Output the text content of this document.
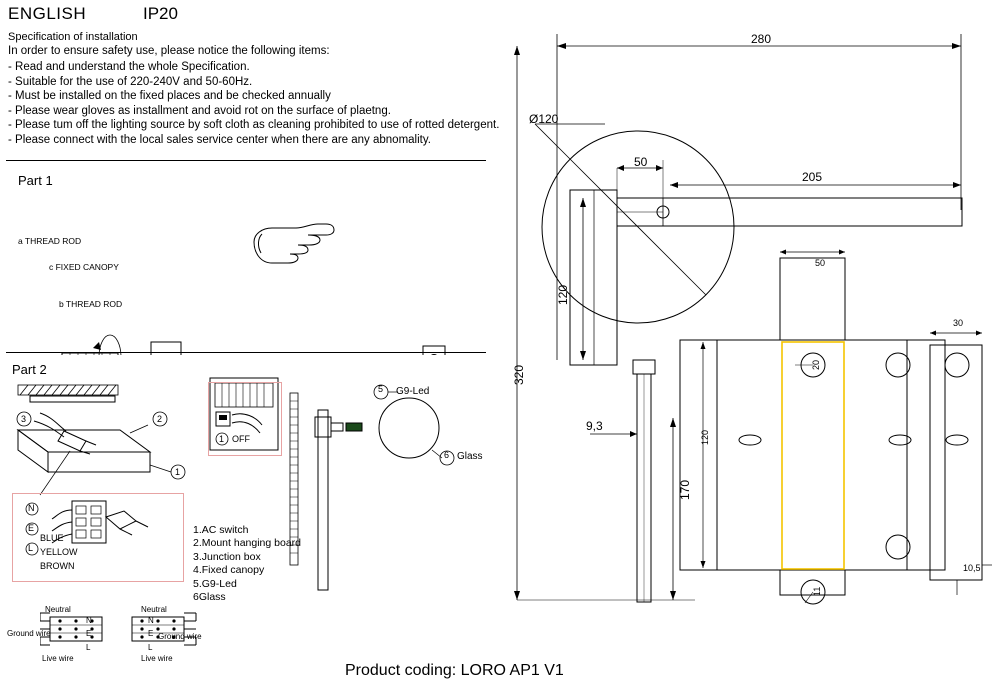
ENGLISH	IP20
Specification of installation
In order to ensure safety use, please notice the following items:
- Read and understand the whole Specification.
- Suitable for the use of 220-240V and 50-60Hz.
- Must be installed on the fixed places and be checked annually
- Please wear gloves as installment and avoid rot on the surface of plaetng.
- Please tum off the lighting source by soft cloth as cleaning prohibited to use of rotted detergent.
- Please connect with the local sales service center when there are any abnomality.
Part 1
a THREAD ROD
c FIXED CANOPY
b THREAD ROD
Part 2
3	2
1
5
6
1 OFF
G9-Led
Glass
N
E
L
BLUE
YELLOW
BROWN
1.AC switch
2.Mount hanging board
3.Junction box
4.Fixed canopy
5.G9-Led
6Glass
Neutral
Ground wire
Live wire
Neutral
Ground wire
Live wire
N
E
L
N
E
L
280
Ø120
50
205
120
320
170
9,3
50
120
20
30
10,5
11
Product coding: LORO AP1 V1
